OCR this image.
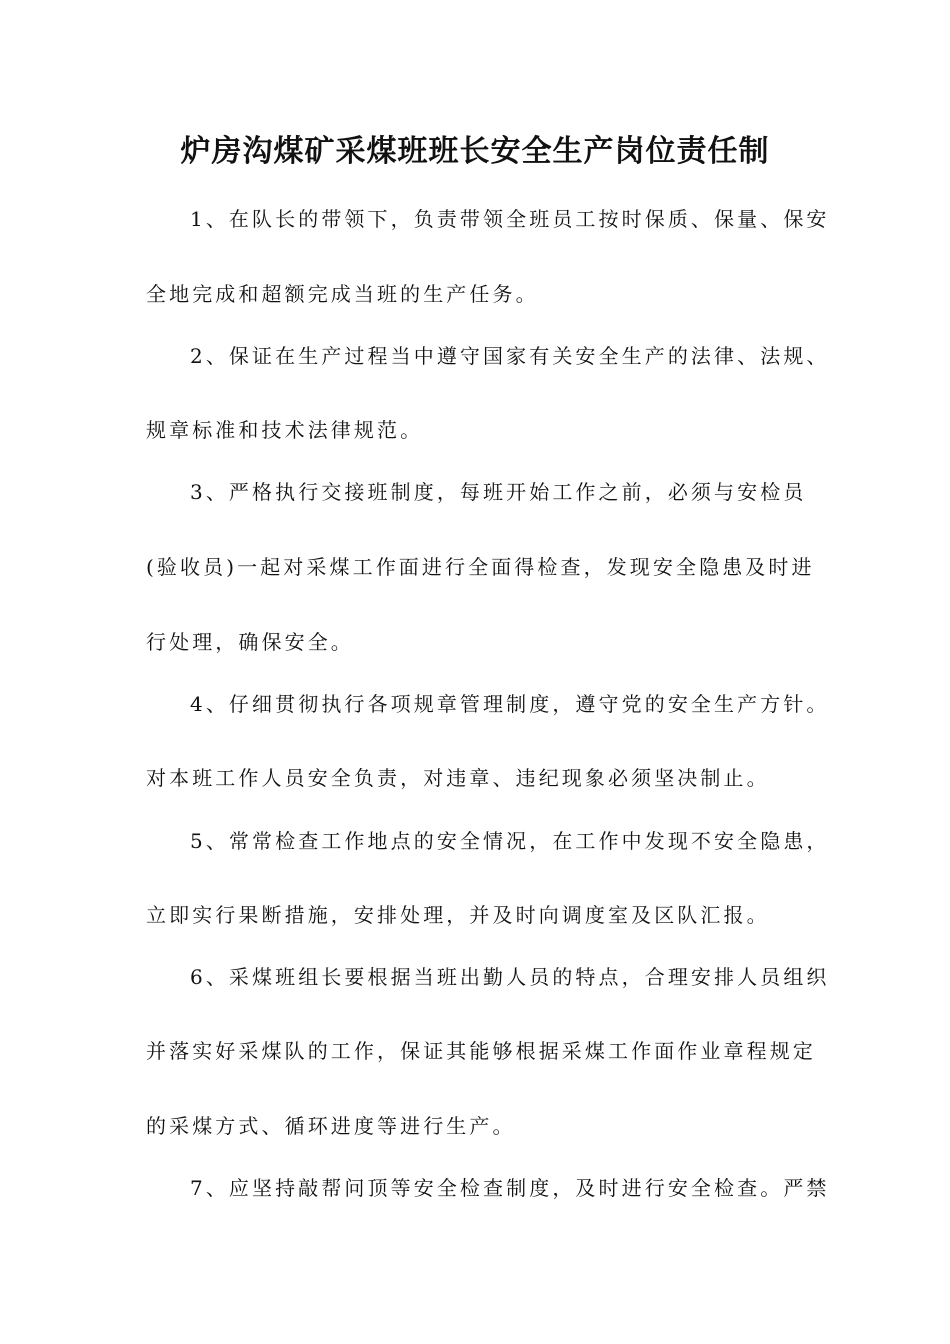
炉房沟煤矿采煤班班长安全生产岗位责任制
1、在队长的带领下，负责带领全班员工按时保质、保量、保安
全地完成和超额完成当班的生产任务。
2、保证在生产过程当中遵守国家有关安全生产的法律、法规、
规章标准和技术法律规范。
3、严格执行交接班制度，每班开始工作之前，必须与安检员
(验收员)一起对采煤工作面进行全面得检查，发现安全隐患及时进
行处理，确保安全。
4、仔细贯彻执行各项规章管理制度，遵守党的安全生产方针。
对本班工作人员安全负责，对违章、违纪现象必须坚决制止。
5、常常检查工作地点的安全情况，在工作中发现不安全隐患，
立即实行果断措施，安排处理，并及时向调度室及区队汇报。
6、采煤班组长要根据当班出勤人员的特点，合理安排人员组织
并落实好采煤队的工作，保证其能够根据采煤工作面作业章程规定
的采煤方式、循环进度等进行生产。
7、应坚持敲帮问顶等安全检查制度，及时进行安全检查。严禁
